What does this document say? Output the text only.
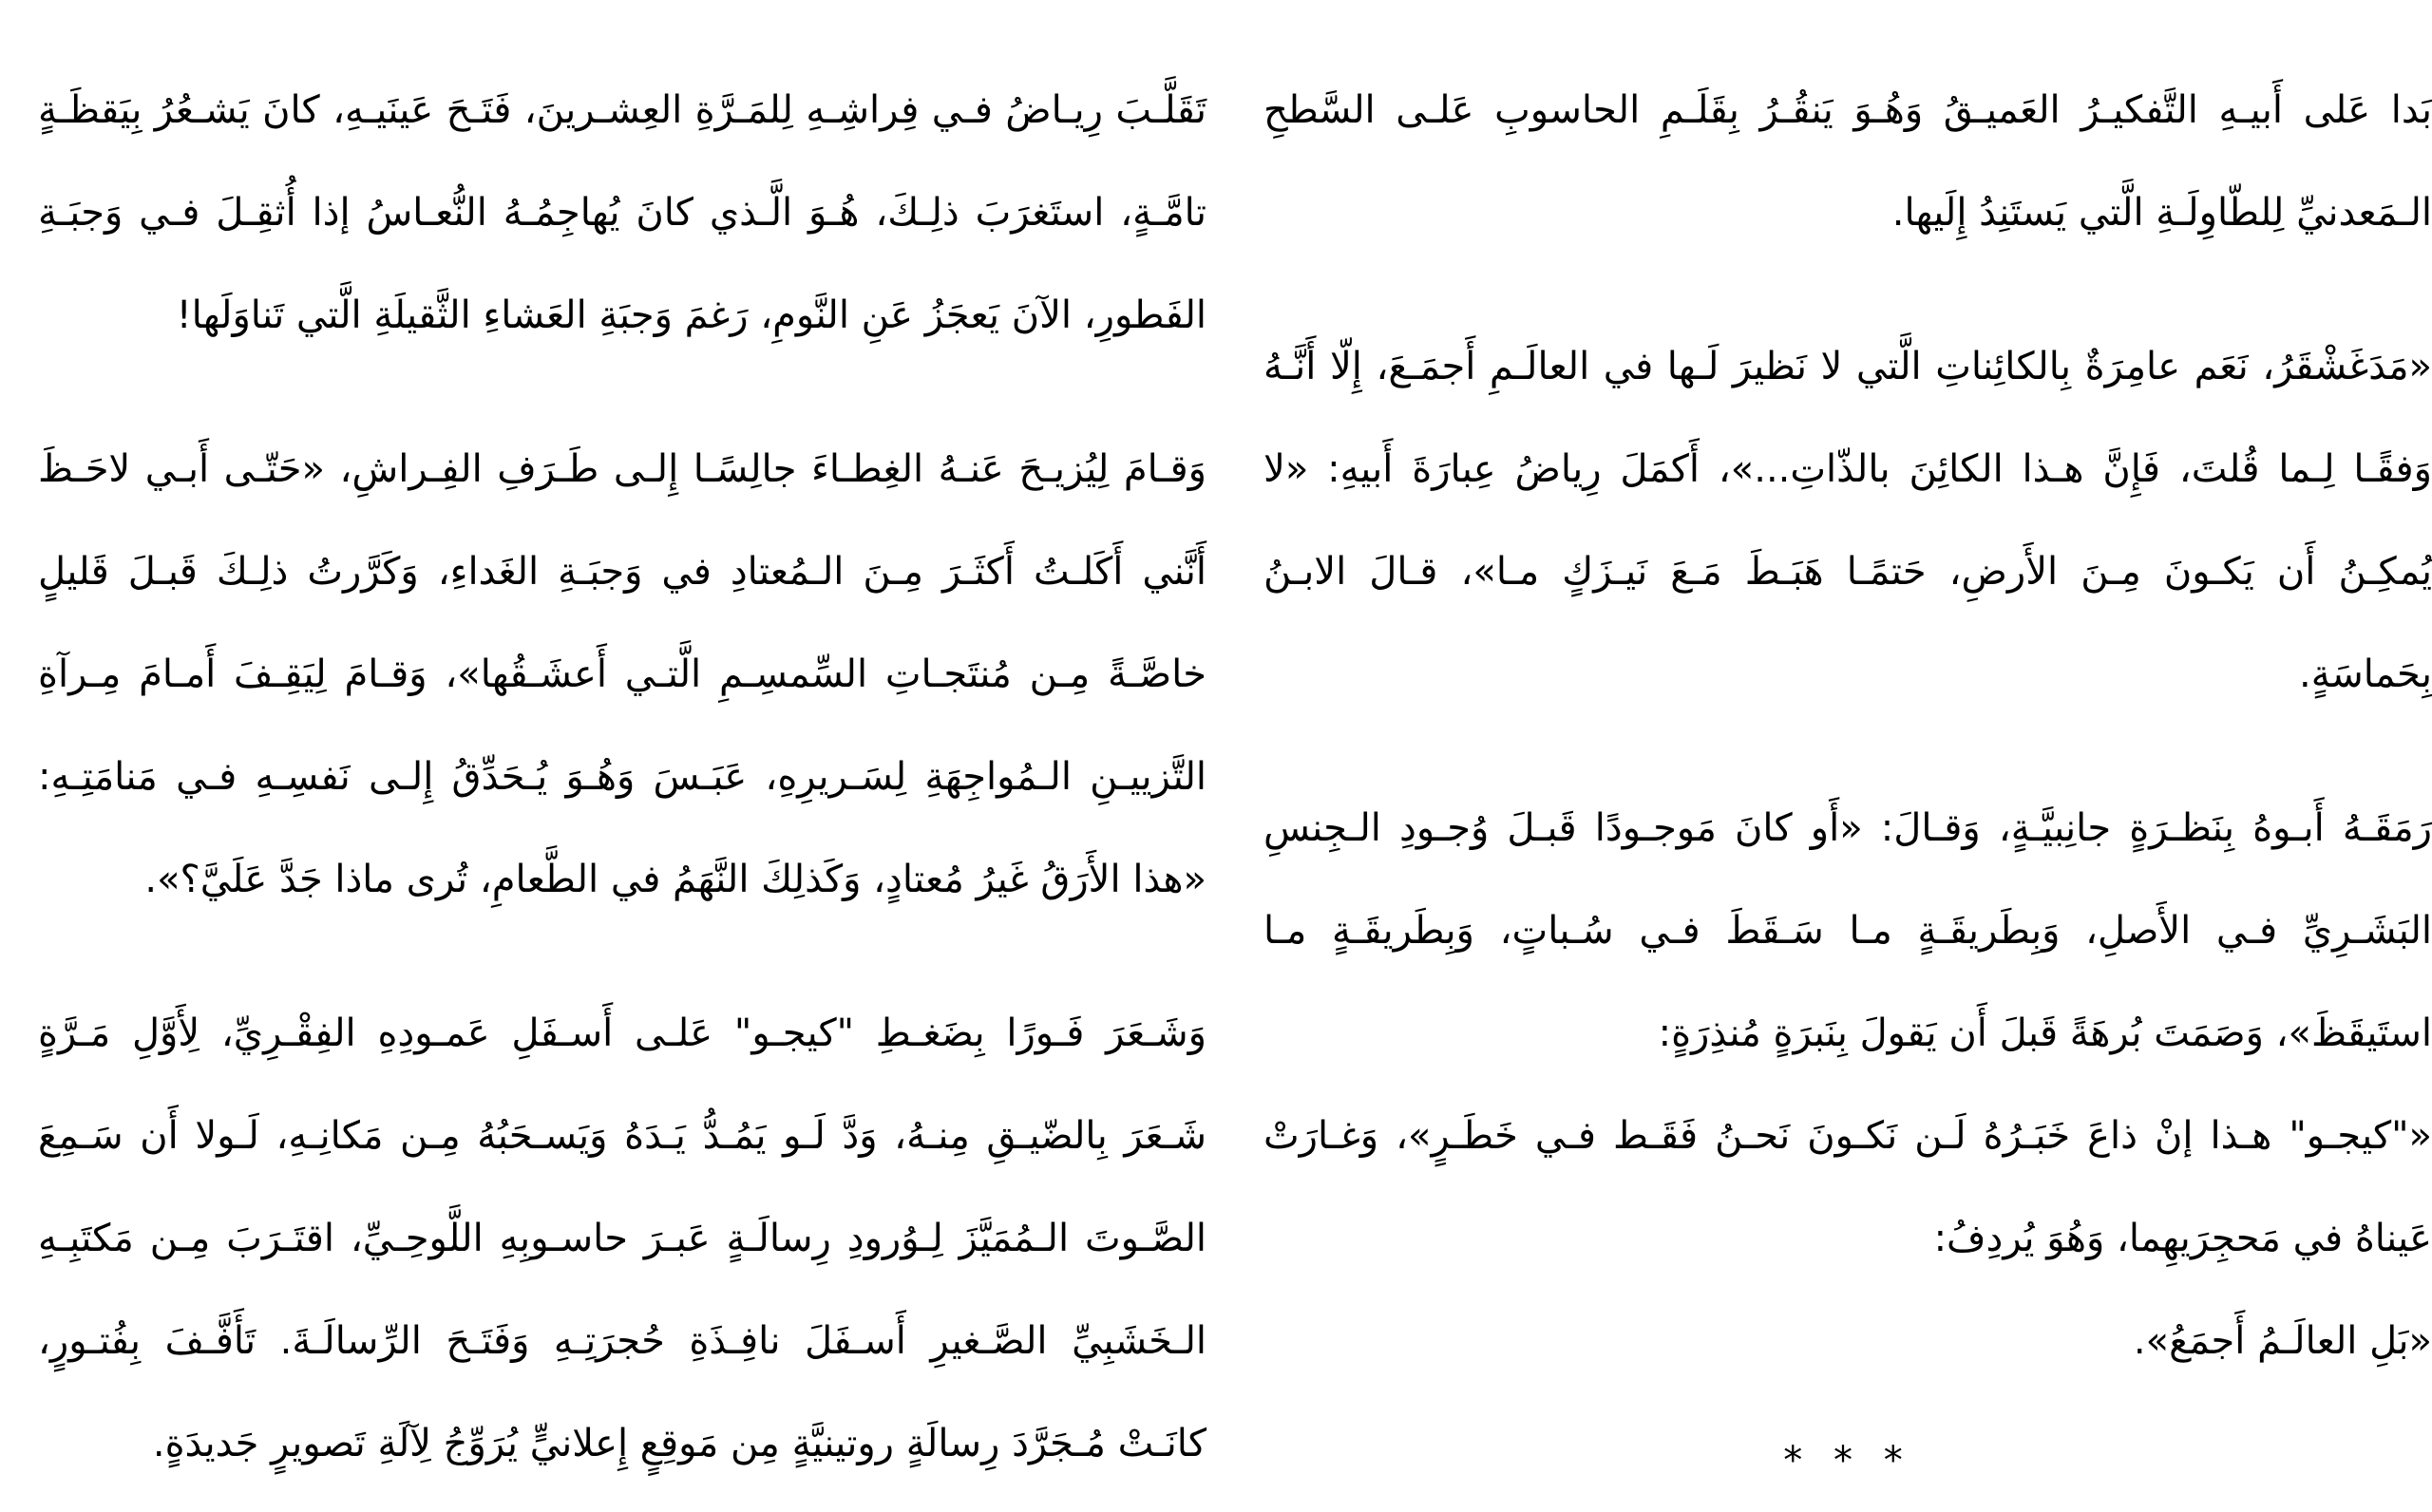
بَدا عَلى أَبيـهِ التَّفكيـرُ العَميـقُ وَهُـوَ يَنقُـرُ بِقَلَـمِ الحاسوبِ عَلـى السَّطحِ الـمَعدنيِّ لِلطّاوِلَـةِ الَّتي يَستَنِدُ إِلَيها.

«مَدَغَشْقَرُ، نَعَم عامِرَةٌ بِالكائِناتِ الَّتي لا نَظيرَ لَـها في العالَـمِ أَجمَـعَ، إِلّا أَنَّـهُ وَفقًـا لِـما قُلتَ، فَإِنَّ هـذا الكائِنَ بالذّاتِ...»، أَكمَلَ رِياضُ عِبارَةَ أَبيهِ: «لا يُمكِـنُ أَن يَكـونَ مِـنَ الأَرضِ، حَتمًـا هَبَـطَ مَـعَ نَيـزَكٍ مـا»، قـالَ الابـنُ بِحَماسَةٍ.

رَمَقَـهُ أَبـوهُ بِنَظـرَةٍ جانِبيَّـةٍ، وَقـالَ: «أَو كانَ مَوجـودًا قَبـلَ وُجـودِ الـجِنسِ البَشَـرِيِّ فـي الأَصلِ، وَبِطَريقَـةٍ مـا سَـقَطَ فـي سُـباتٍ، وَبِطَريقَـةٍ مـا استَيقَظَ»، وَصَمَتَ بُرهَةً قَبلَ أَن يَقولَ بِنَبرَةٍ مُنذِرَةٍ:

«"كيجـو" هـذا إنْ ذاعَ خَبَـرُهُ لَـن نَكـونَ نَحـنُ فَقَـط فـي خَطَـرٍ»، وَغـارَتْ عَيناهُ في مَحجِرَيهِما، وَهُوَ يُردِفُ:

«بَلِ العالَـمُ أَجمَعُ».

* * *

تَقَلَّـبَ رِيـاضُ فـي فِراشِـهِ لِلمَـرَّةِ العِشـرينَ، فَتَـحَ عَينَيـهِ، كانَ يَشـعُرُ بِيَقظَـةٍ تامَّـةٍ، استَغرَبَ ذلِـكَ، هُـوَ الَّـذي كانَ يُهاجِمُـهُ النُّعـاسُ إذا أُثقِـلَ فـي وَجبَـةِ الفَطورِ، الآنَ يَعجَزُ عَنِ النَّومِ، رَغمَ وَجبَةِ العَشاءِ الثَّقيلَةِ الَّتي تَناوَلَها!

وَقـامَ لِيُزيـحَ عَنـهُ الغِطـاءَ جالِسًـا إِلـى طَـرَفِ الفِـراشِ، «حَتّـى أَبـي لاحَـظَ أَنَّني أَكَلـتُ أَكثَـرَ مِـنَ الـمُعتادِ في وَجبَـةِ الغَداءِ، وَكَرَّرتُ ذلِـكَ قَبـلَ قَليلٍ خاصَّـةً مِـن مُنتَجـاتِ السِّمسِـمِ الَّتـي أَعشَـقُها»، وَقـامَ لِيَقِـفَ أَمـامَ مِـرآةِ التَّزييـنِ الـمُواجِهَةِ لِسَـريرِهِ، عَبَـسَ وَهُـوَ يُـحَدِّقُ إِلـى نَفسِـهِ فـي مَنامَتِـهِ: «هذا الأَرَقُ غَيرُ مُعتادٍ، وَكَذلِكَ النَّهَمُ في الطَّعامِ، تُرى ماذا جَدَّ عَلَيَّ؟».

وَشَـعَرَ فَـورًا بِضَغـطِ "كيجـو" عَلـى أَسـفَلِ عَمـودِهِ الفِقْـرِيِّ، لِأَوَّلِ مَـرَّةٍ شَـعَرَ بِالضّيـقِ مِنـهُ، وَدَّ لَـو يَمُـدُّ يَـدَهُ وَيَسـحَبُهُ مِـن مَكانِـهِ، لَـولا أَن سَـمِعَ الصَّـوتَ الـمُمَيَّزَ لِـوُرودِ رِسالَـةٍ عَبـرَ حاسـوبِهِ اللَّوحِـيِّ، اقتَـرَبَ مِـن مَكتَبِـهِ الـخَشَبِيِّ الصَّـغيرِ أَسـفَلَ نافِـذَةِ حُجرَتِـهِ وَفَتَـحَ الرِّسالَـةَ. تَأَفَّـفَ بِفُتـورٍ، كانَـتْ مُـجَرَّدَ رِسالَةٍ روتينيَّةٍ مِن مَوقِعٍ إِعلانيٍّ يُرَوِّجُ لِآلَةِ تَصويرٍ جَديدَةٍ.
